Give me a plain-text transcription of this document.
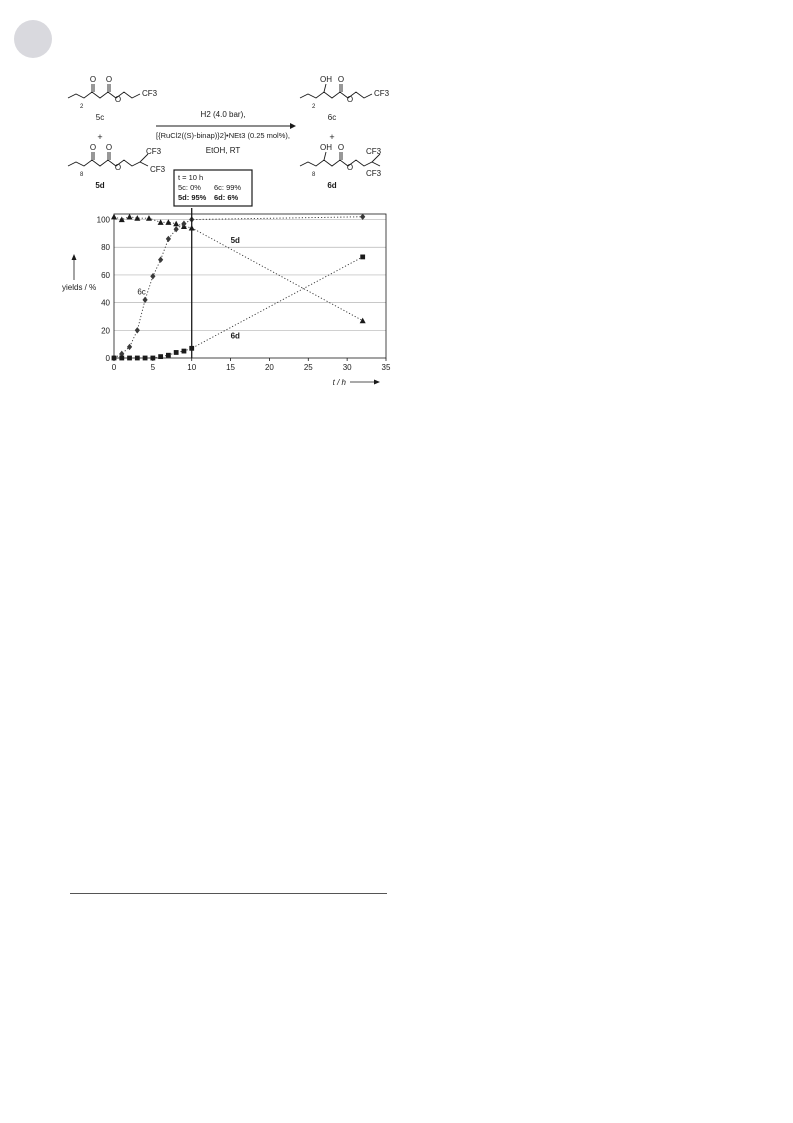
O O
O
CF3
2
5c
+
O O
O
CF3
CF3
8
5d
OH O
O
CF3
2
6c
+
OH O
O
CF3
CF3
8
6d
H2 (4.0 bar),
[{RuCl2((S)-binap)}2]•NEt3 (0.25 mol%),
EtOH, RT
0
20
40
60
80
100
0	5	10	15	20	25	30	35
yields / %
t / h
5d
6c
6d
t = 10 h
5c: 0% 6c: 99%
5d: 95% 6d: 6%
